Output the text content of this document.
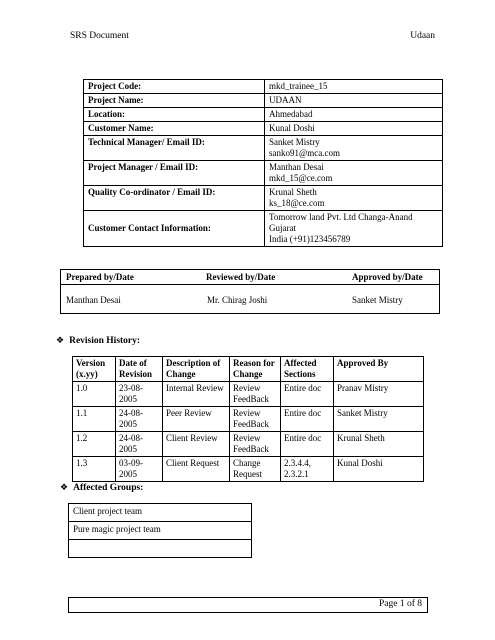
SRS Document	Udaan
Project Code:	mkd_trainee_15
Project Name:	UDAAN
Location:	Ahmedabad
Customer Name:	Kunal Doshi
Technical Manager/ Email ID:	Sanket Mistry
sanko91@mca.com

Project Manager / Email ID:	Manthan Desai
mkd_15@ce.com

Quality Co-ordinator / Email ID:	Krunal Sheth
ks_18@ce.com

Customer Contact Information:	Tomorrow land Pvt. Ltd Changa-Anand
Gujarat
India (+91)123456789
Prepared by/Date	Reviewed by/Date	Approved by/Date
Manthan Desai	Mr. Chirag Joshi	Sanket Mistry
❖ Revision History:
Version (x.yy)	Date of Revision	Description of Change	Reason for Change	Affected Sections	Approved By
1.0	23-08-2005	Internal Review	Review FeedBack	Entire doc	Pranav Mistry
1.1	24-08-2005	Peer Review	Review FeedBack	Entire doc	Sanket Mistry
1.2	24-08-2005	Client Review	Review FeedBack	Entire doc	Krunal Sheth
1.3	03-09-2005	Client Request	Change Request	2.3.4.4, 2.3.2.1	Kunal Doshi
❖ Affected Groups:
Client project team
Pure magic project team

Page 1 of 8
